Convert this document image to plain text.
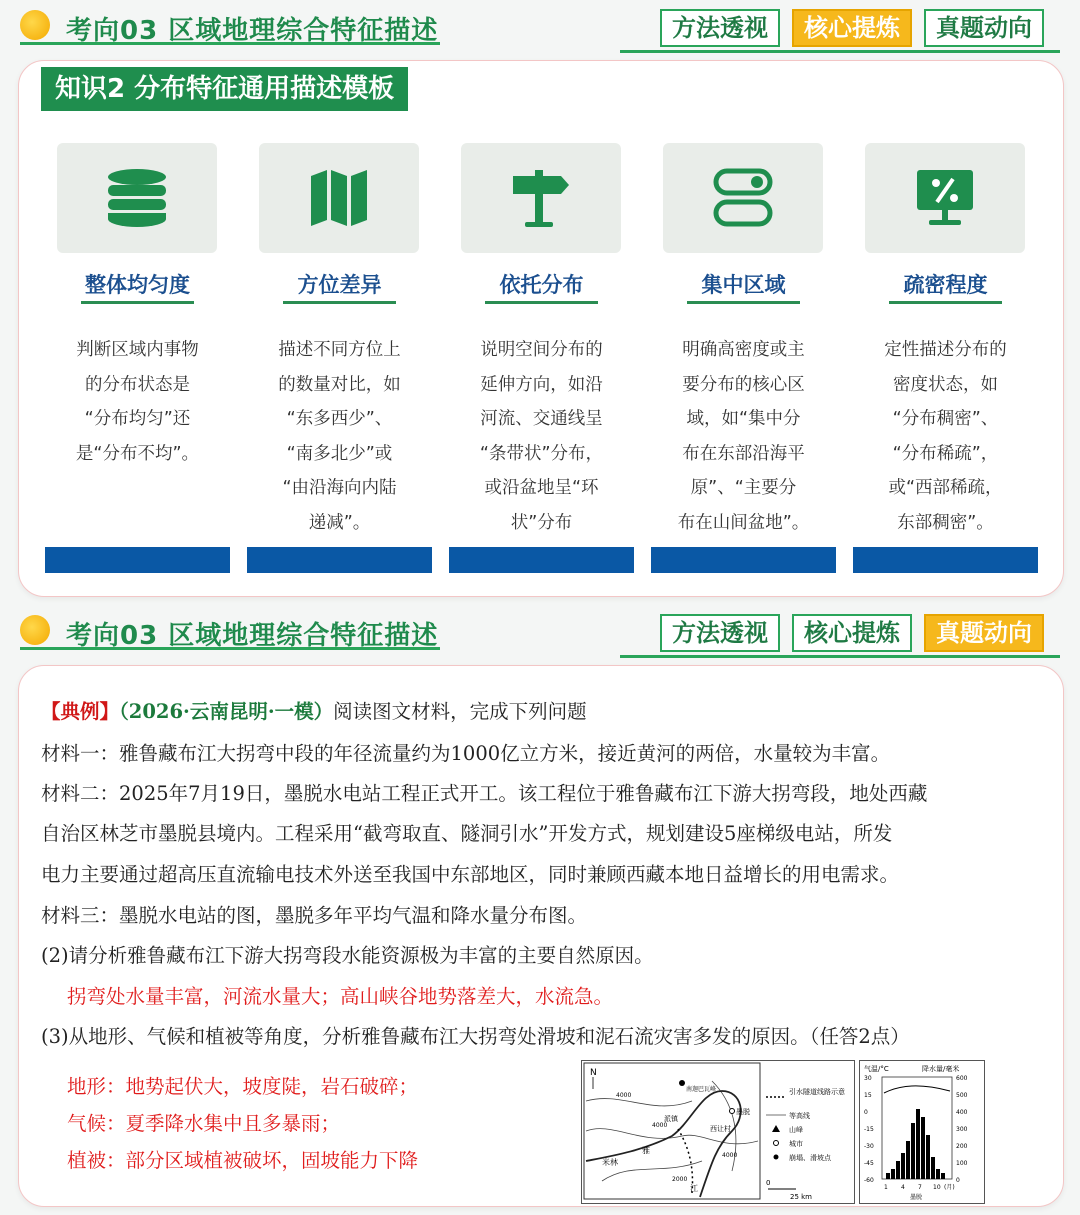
考向03 区域地理综合特征描述	方法透视	核心提炼	真题动向
知识2 分布特征通用描述模板
整体均匀度
判断区域内事物
的分布状态是
“分布均匀”还
是“分布不均”。
方位差异
描述不同方位上
的数量对比，如
“东多西少”、
“南多北少”或
“由沿海向内陆
递减”。
依托分布
说明空间分布的
延伸方向，如沿
河流、交通线呈
“条带状”分布，
或沿盆地呈“环
状”分布
集中区域
明确高密度或主
要分布的核心区
域，如“集中分
布在东部沿海平
原”、“主要分
布在山间盆地”。
疏密程度
定性描述分布的
密度状态，如
“分布稠密”、
“分布稀疏”，
或“西部稀疏，
东部稠密”。
考向03 区域地理综合特征描述	方法透视	核心提炼	真题动向
【典例】（2026·云南昆明·一模）阅读图文材料，完成下列问题
材料一：雅鲁藏布江大拐弯中段的年径流量约为1000亿立方米，接近黄河的两倍，水量较为丰富。
材料二：2025年7月19日，墨脱水电站工程正式开工。该工程位于雅鲁藏布江下游大拐弯段，地处西藏
自治区林芝市墨脱县境内。工程采用“截弯取直、隧洞引水”开发方式，规划建设5座梯级电站，所发
电力主要通过超高压直流输电技术外送至我国中东部地区，同时兼顾西藏本地日益增长的用电需求。
材料三：墨脱水电站的图，墨脱多年平均气温和降水量分布图。
(2)请分析雅鲁藏布江下游大拐弯段水能资源极为丰富的主要自然原因。
拐弯处水量丰富，河流水量大；高山峡谷地势落差大，水流急。
(3)从地形、气候和植被等角度，分析雅鲁藏布江大拐弯处滑坡和泥石流灾害多发的原因。（任答2点）
地形：地势起伏大，坡度陡，岩石破碎；
气候：夏季降水集中且多暴雨；
植被：部分区域植被破坏，固坡能力下降
N
米林
雅
派镇
南迦巴瓦峰
墨脱
西让村
4000
4000
2000
4000
江
引水隧道线路示意
等高线
山峰
城市
崩塌、滑坡点
0
25 km
气温/°C	降水量/毫米
30
15
0
-15
-30
-45
-60
600
500
400
300
200
100
0
1 4 7 10 (月)
墨脱
